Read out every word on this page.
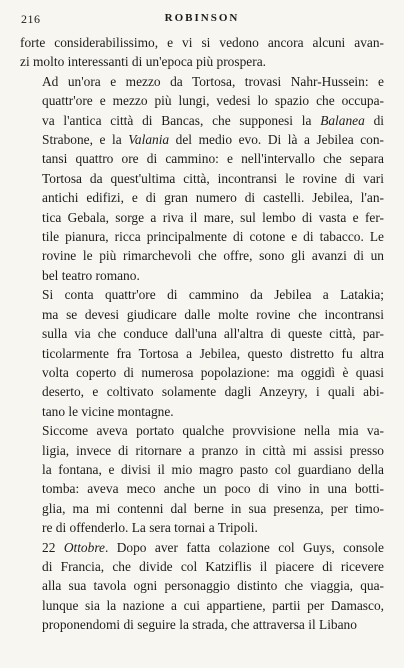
216	ROBINSON
forte considerabilissimo, e vi si vedono ancora alcuni avan-
zi molto interessanti di un'epoca più prospera.
Ad un'ora e mezzo da Tortosa, trovasi Nahr-Hussein: e
quattr'ore e mezzo più lungi, vedesi lo spazio che occupa-
va l'antica città di Bancas, che supponesi la Balanea di
Strabone, e la Valania del medio evo. Di là a Jebilea con-
tansi quattro ore di cammino: e nell'intervallo che separa
Tortosa da quest'ultima città, incontransi le rovine di vari
antichi edifizi, e di gran numero di castelli. Jebilea, l'an-
tica Gebala, sorge a riva il mare, sul lembo di vasta e fer-
tile pianura, ricca principalmente di cotone e di tabacco. Le
rovine le più rimarchevoli che offre, sono gli avanzi di un
bel teatro romano.
Si conta quattr'ore di cammino da Jebilea a Latakia;
ma se devesi giudicare dalle molte rovine che incontransi
sulla via che conduce dall'una all'altra di queste città, par-
ticolarmente fra Tortosa a Jebilea, questo distretto fu altra
volta coperto di numerosa popolazione: ma oggidì è quasi
deserto, e coltivato solamente dagli Anzeyry, i quali abi-
tano le vicine montagne.
Siccome aveva portato qualche provvisione nella mia va-
ligia, invece di ritornare a pranzo in città mi assisi presso
la fontana, e divisi il mio magro pasto col guardiano della
tomba: aveva meco anche un poco di vino in una botti-
glia, ma mi contenni dal berne in sua presenza, per timo-
re di offenderlo. La sera tornai a Tripoli.
22 Ottobre. Dopo aver fatta colazione col Guys, console
di Francia, che divide col Katziflis il piacere di ricevere
alla sua tavola ogni personaggio distinto che viaggia, qua-
lunque sia la nazione a cui appartiene, partii per Damasco,
proponendomi di seguire la strada, che attraversa il Libano
